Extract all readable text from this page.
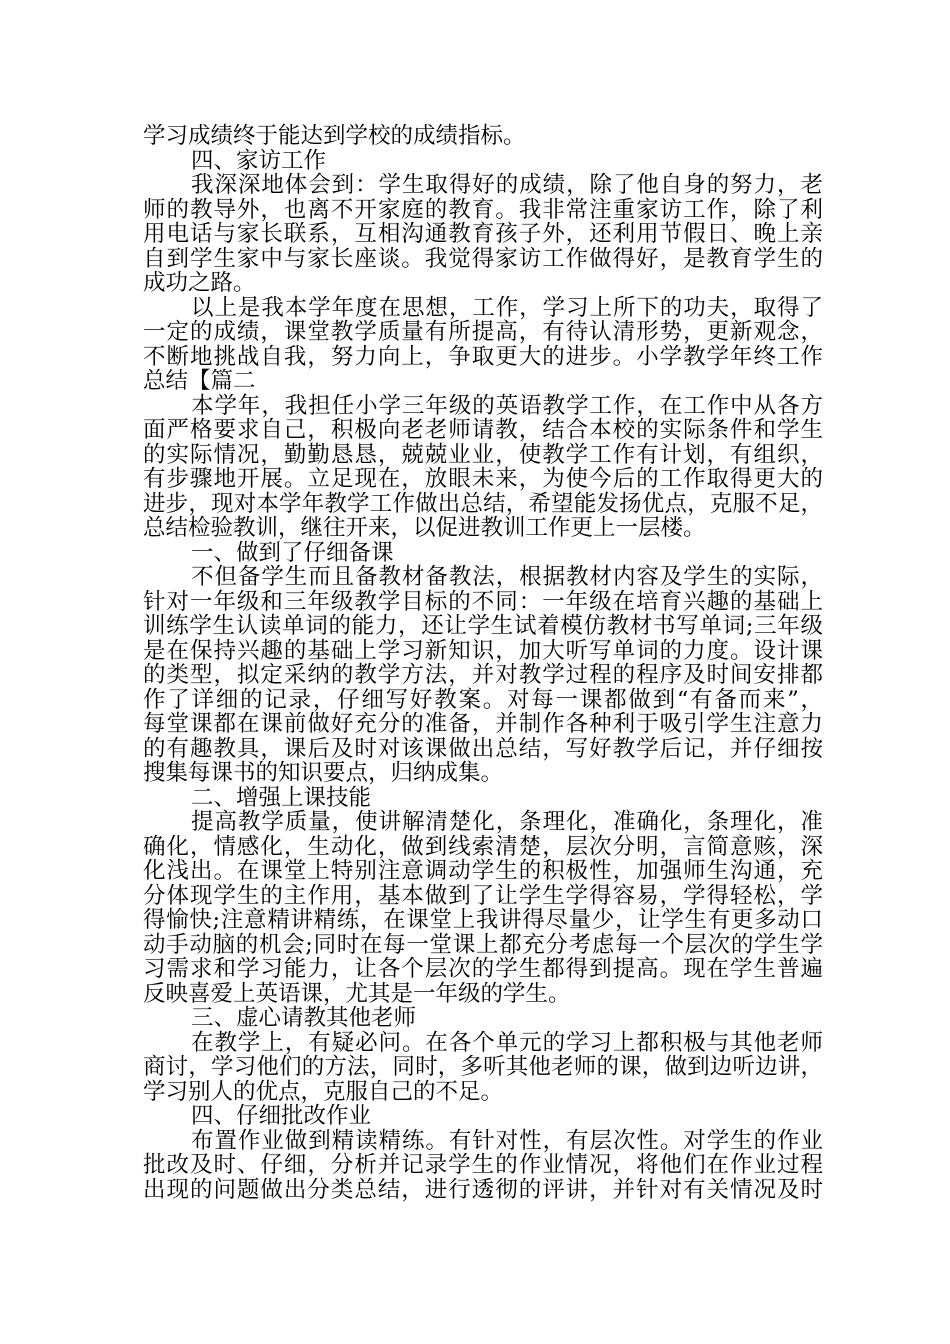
学习成绩终于能达到学校的成绩指标。
四、家访工作
我深深地体会到：学生取得好的成绩，除了他自身的努力，老
师的教导外，也离不开家庭的教育。我非常注重家访工作，除了利
用电话与家长联系，互相沟通教育孩子外，还利用节假日、晚上亲
自到学生家中与家长座谈。我觉得家访工作做得好，是教育学生的
成功之路。
以上是我本学年度在思想，工作，学习上所下的功夫，取得了
一定的成绩，课堂教学质量有所提高，有待认清形势，更新观念，
不断地挑战自我，努力向上，争取更大的进步。小学教学年终工作
总结【篇二
本学年，我担任小学三年级的英语教学工作，在工作中从各方
面严格要求自己，积极向老老师请教，结合本校的实际条件和学生
的实际情况，勤勤恳恳，兢兢业业，使教学工作有计划，有组织，
有步骤地开展。立足现在，放眼未来，为使今后的工作取得更大的
进步，现对本学年教学工作做出总结，希望能发扬优点，克服不足，
总结检验教训，继往开来，以促进教训工作更上一层楼。
一、做到了仔细备课
不但备学生而且备教材备教法，根据教材内容及学生的实际，
针对一年级和三年级教学目标的不同：一年级在培育兴趣的基础上
训练学生认读单词的能力，还让学生试着模仿教材书写单词;三年级
是在保持兴趣的基础上学习新知识，加大听写单词的力度。设计课
的类型，拟定采纳的教学方法，并对教学过程的程序及时间安排都
作了详细的记录，仔细写好教案。对每一课都做到“有备而来”，
每堂课都在课前做好充分的准备，并制作各种利于吸引学生注意力
的有趣教具，课后及时对该课做出总结，写好教学后记，并仔细按
搜集每课书的知识要点，归纳成集。
二、增强上课技能
提高教学质量，使讲解清楚化，条理化，准确化，条理化，准
确化，情感化，生动化，做到线索清楚，层次分明，言简意赅，深
化浅出。在课堂上特别注意调动学生的积极性，加强师生沟通，充
分体现学生的主作用，基本做到了让学生学得容易，学得轻松，学
得愉快;注意精讲精练，在课堂上我讲得尽量少，让学生有更多动口
动手动脑的机会;同时在每一堂课上都充分考虑每一个层次的学生学
习需求和学习能力，让各个层次的学生都得到提高。现在学生普遍
反映喜爱上英语课，尤其是一年级的学生。
三、虚心请教其他老师
在教学上，有疑必问。在各个单元的学习上都积极与其他老师
商讨，学习他们的方法，同时，多听其他老师的课，做到边听边讲，
学习别人的优点，克服自己的不足。
四、仔细批改作业
布置作业做到精读精练。有针对性，有层次性。对学生的作业
批改及时、仔细，分析并记录学生的作业情况，将他们在作业过程
出现的问题做出分类总结，进行透彻的评讲，并针对有关情况及时
